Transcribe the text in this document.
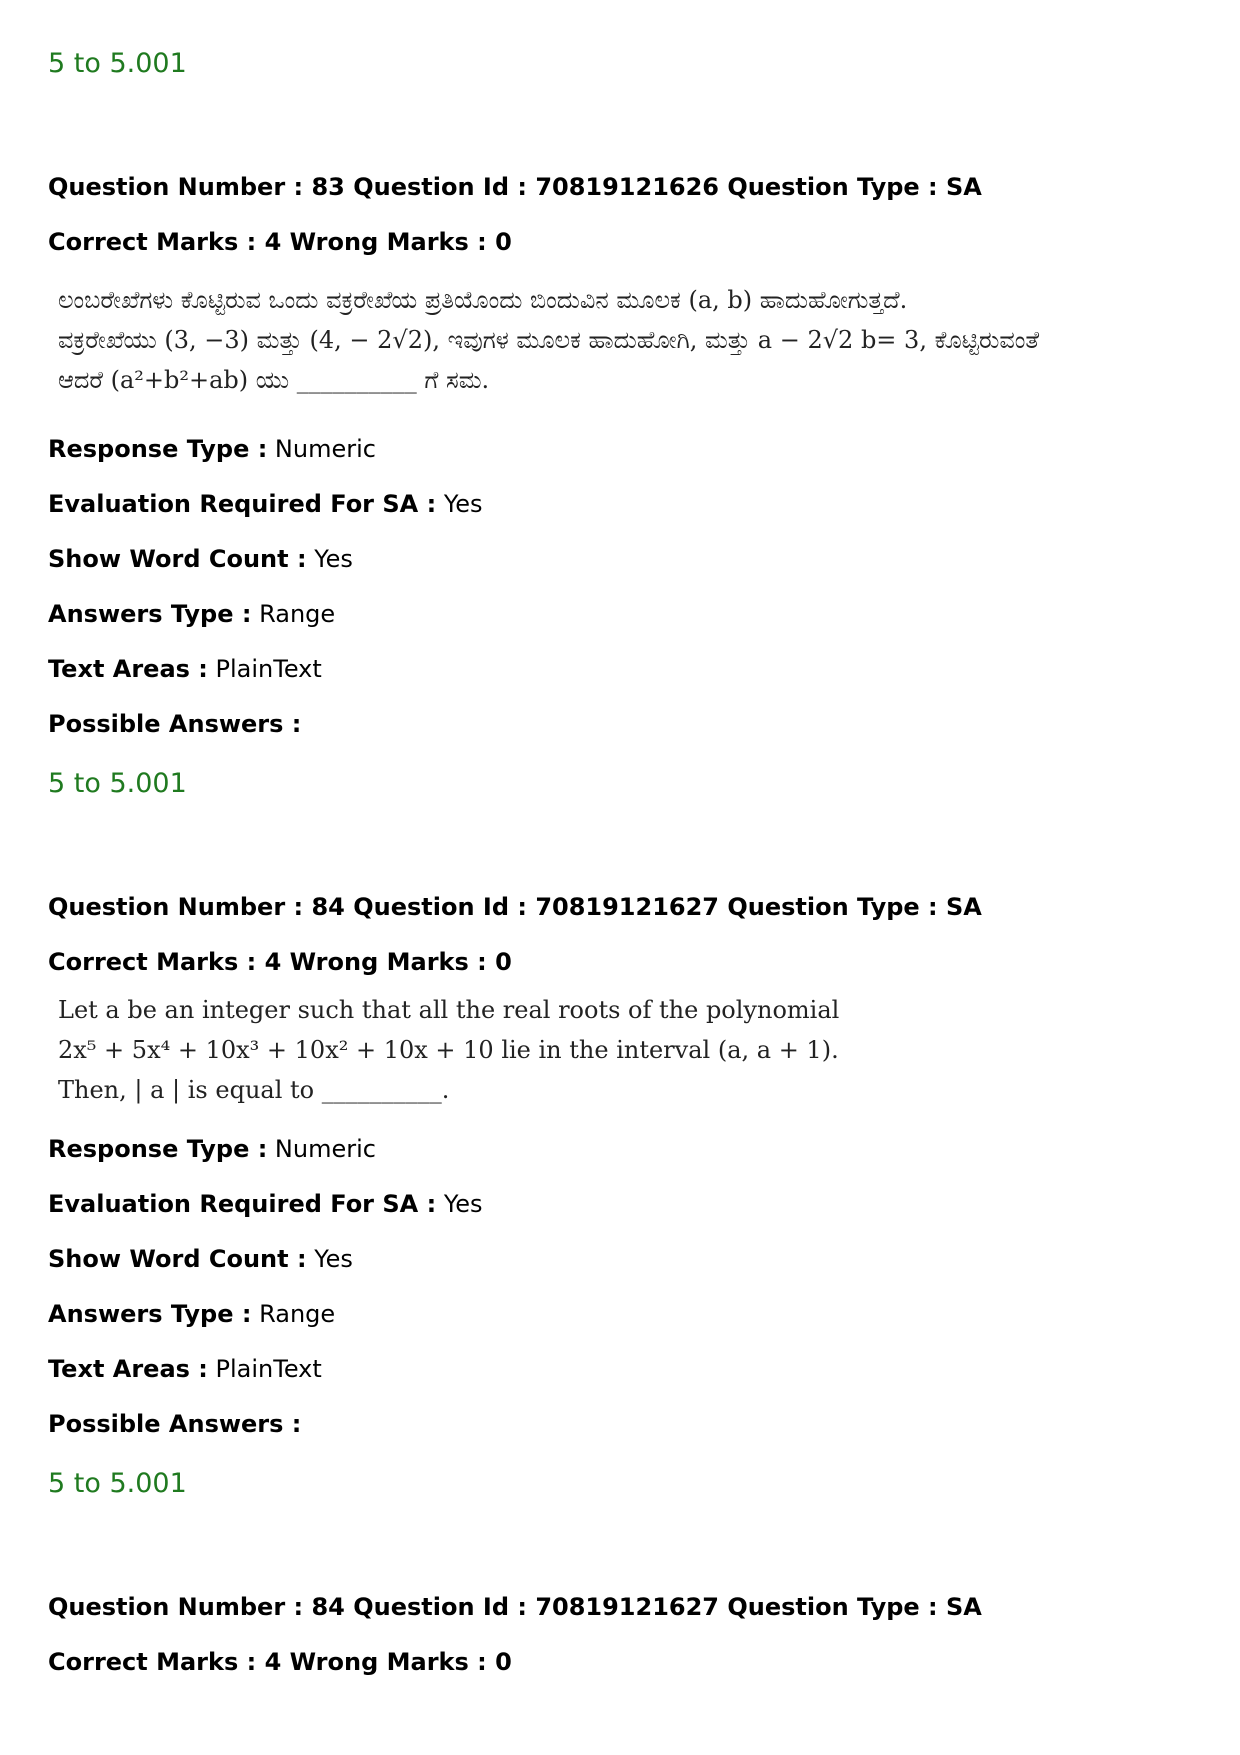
5 to 5.001
Question Number : 83 Question Id : 70819121626 Question Type : SA
Correct Marks : 4 Wrong Marks : 0
ಲಂಬರೇಖೆಗಳು ಕೊಟ್ಟಿರುವ ಒಂದು ವಕ್ರರೇಖೆಯ ಪ್ರತಿಯೊಂದು ಬಿಂದುವಿನ ಮೂಲಕ (a, b) ಹಾದುಹೋಗುತ್ತದೆ.
ವಕ್ರರೇಖೆಯು (3, −3) ಮತ್ತು (4, − 2√2), ಇವುಗಳ ಮೂಲಕ ಹಾದುಹೋಗಿ, ಮತ್ತು a − 2√2 b= 3, ಕೊಟ್ಟಿರುವಂತೆ
ಆದರೆ (a²+b²+ab) ಯು __________ ಗೆ ಸಮ.
Response Type : Numeric
Evaluation Required For SA : Yes
Show Word Count : Yes
Answers Type : Range
Text Areas : PlainText
Possible Answers :
5 to 5.001
Question Number : 84 Question Id : 70819121627 Question Type : SA
Correct Marks : 4 Wrong Marks : 0
Let a be an integer such that all the real roots of the polynomial
2x⁵ + 5x⁴ + 10x³ + 10x² + 10x + 10 lie in the interval (a, a + 1).
Then, | a | is equal to __________.
Response Type : Numeric
Evaluation Required For SA : Yes
Show Word Count : Yes
Answers Type : Range
Text Areas : PlainText
Possible Answers :
5 to 5.001
Question Number : 84 Question Id : 70819121627 Question Type : SA
Correct Marks : 4 Wrong Marks : 0
